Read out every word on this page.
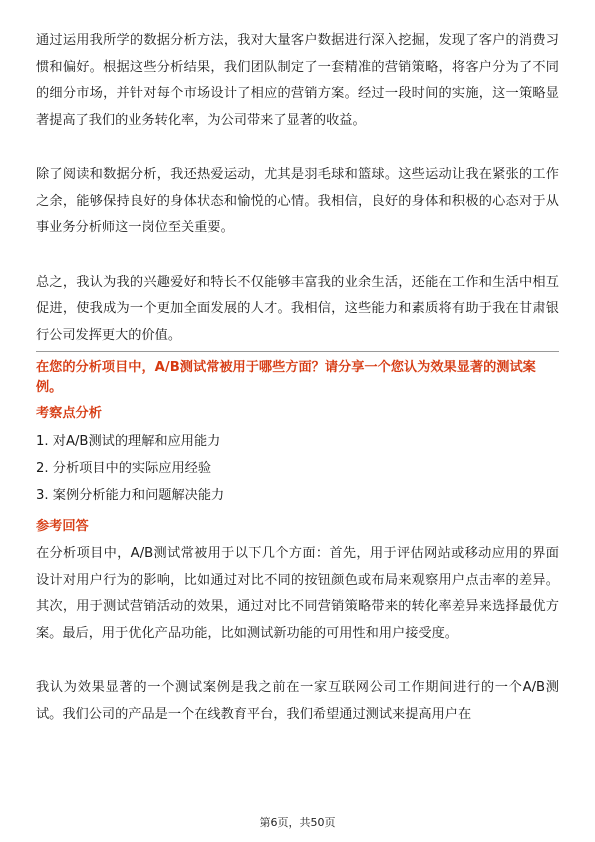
通过运用我所学的数据分析方法，我对大量客户数据进行深入挖掘，发现了客户的消费习惯和偏好。根据这些分析结果，我们团队制定了一套精准的营销策略，将客户分为了不同的细分市场，并针对每个市场设计了相应的营销方案。经过一段时间的实施，这一策略显著提高了我们的业务转化率，为公司带来了显著的收益。

除了阅读和数据分析，我还热爱运动，尤其是羽毛球和篮球。这些运动让我在紧张的工作之余，能够保持良好的身体状态和愉悦的心情。我相信，良好的身体和积极的心态对于从事业务分析师这一岗位至关重要。

总之，我认为我的兴趣爱好和特长不仅能够丰富我的业余生活，还能在工作和生活中相互促进，使我成为一个更加全面发展的人才。我相信，这些能力和素质将有助于我在甘肃银行公司发挥更大的价值。

在您的分析项目中，A/B测试常被用于哪些方面？请分享一个您认为效果显著的测试案例。

考察点分析

1. 对A/B测试的理解和应用能力
2. 分析项目中的实际应用经验
3. 案例分析能力和问题解决能力

参考回答

在分析项目中，A/B测试常被用于以下几个方面：首先，用于评估网站或移动应用的界面设计对用户行为的影响，比如通过对比不同的按钮颜色或布局来观察用户点击率的差异。其次，用于测试营销活动的效果，通过对比不同营销策略带来的转化率差异来选择最优方案。最后，用于优化产品功能，比如测试新功能的可用性和用户接受度。

我认为效果显著的一个测试案例是我之前在一家互联网公司工作期间进行的一个A/B测试。我们公司的产品是一个在线教育平台，我们希望通过测试来提高用户在

第6页，共50页
